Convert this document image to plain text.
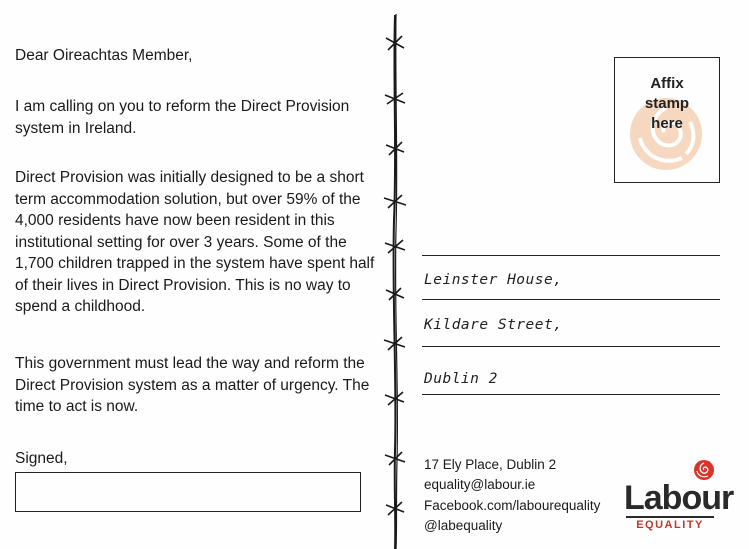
Dear Oireachtas Member,
I am calling on you to reform the Direct Provision system in Ireland.
Direct Provision was initially designed to be a short term accommodation solution, but over 59% of the 4,000 residents have now been resident in this institutional setting for over 3 years. Some of the 1,700 children trapped in the system have spent half of their lives in Direct Provision. This is no way to spend a childhood.
This government must lead the way and reform the Direct Provision system as a matter of urgency. The time to act is now.
Signed,
Affix
stamp
here
Leinster House,
Kildare Street,
Dublin 2
17 Ely Place, Dublin 2
equality@labour.ie
Facebook.com/labourequality
@labequality
Labour
EQUALITY
